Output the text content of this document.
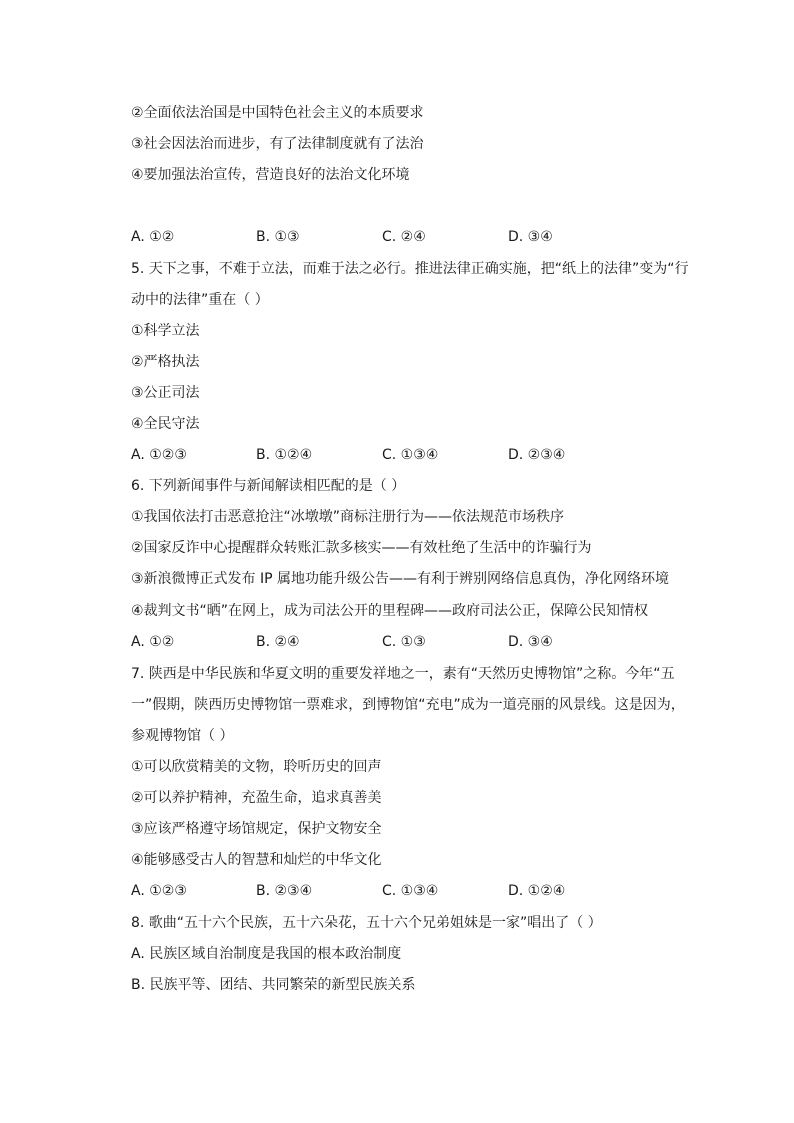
②全面依法治国是中国特色社会主义的本质要求
③社会因法治而进步，有了法律制度就有了法治
④要加强法治宣传，营造良好的法治文化环境
A. ①②	B. ①③	C. ②④	D. ③④
5. 天下之事，不难于立法，而难于法之必行。推进法律正确实施，把“纸上的法律”变为“行
动中的法律”重在（ ）
①科学立法
②严格执法
③公正司法
④全民守法
A. ①②③	B. ①②④	C. ①③④	D. ②③④
6. 下列新闻事件与新闻解读相匹配的是（ ）
①我国依法打击恶意抢注“冰墩墩”商标注册行为——依法规范市场秩序
②国家反诈中心提醒群众转账汇款多核实——有效杜绝了生活中的诈骗行为
③新浪微博正式发布 IP 属地功能升级公告——有利于辨别网络信息真伪，净化网络环境
④裁判文书“晒”在网上，成为司法公开的里程碑——政府司法公正，保障公民知情权
A. ①②	B. ②④	C. ①③	D. ③④
7. 陕西是中华民族和华夏文明的重要发祥地之一，素有“天然历史博物馆”之称。今年“五
一”假期，陕西历史博物馆一票难求，到博物馆“充电”成为一道亮丽的风景线。这是因为，
参观博物馆（ ）
①可以欣赏精美的文物，聆听历史的回声
②可以养护精神，充盈生命，追求真善美
③应该严格遵守场馆规定，保护文物安全
④能够感受古人的智慧和灿烂的中华文化
A. ①②③	B. ②③④	C. ①③④	D. ①②④
8. 歌曲“五十六个民族，五十六朵花，五十六个兄弟姐妹是一家”唱出了（ ）
A. 民族区域自治制度是我国的根本政治制度
B. 民族平等、团结、共同繁荣的新型民族关系
